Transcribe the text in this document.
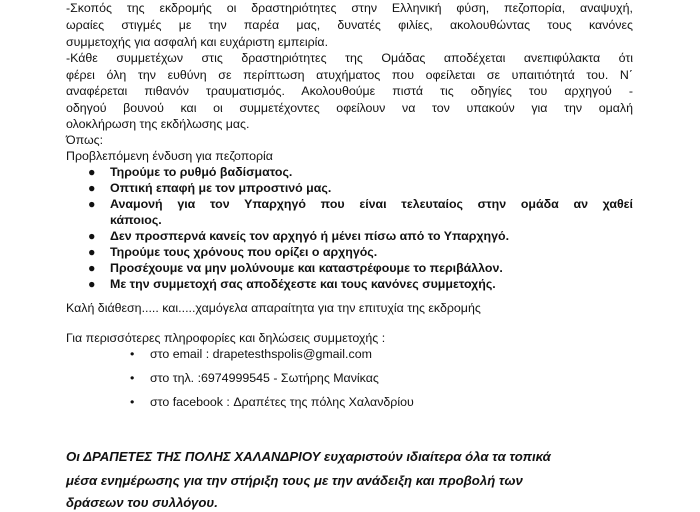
-Σκοπός της εκδρομής οι δραστηριότητες στην Ελληνική φύση, πεζοπορία, αναψυχή,
ωραίες στιγμές με την παρέα μας, δυνατές φιλίες, ακολουθώντας τους κανόνες
συμμετοχής για ασφαλή και ευχάριστη εμπειρία.
-Κάθε συμμετέχων στις δραστηριότητες της Ομάδας αποδέχεται ανεπιφύλακτα ότι
φέρει όλη την ευθύνη σε περίπτωση ατυχήματος που οφείλεται σε υπαιτιότητά του. Ν΄
αναφέρεται πιθανόν τραυματισμός. Ακολουθούμε πιστά τις οδηγίες του αρχηγού -
οδηγού βουνού και οι συμμετέχοντες οφείλουν να τον υπακούν για την ομαλή
ολοκλήρωση της εκδήλωσης μας.
Όπως:
Προβλεπόμενη ένδυση για πεζοπορία
● Τηρούμε το ρυθμό βαδίσματος.
● Οπτική επαφή με τον μπροστινό μας.
● Αναμονή για τον Υπαρχηγό που είναι τελευταίος στην ομάδα αν χαθεί
κάποιος.
● Δεν προσπερνά κανείς τον αρχηγό ή μένει πίσω από το Υπαρχηγό.
● Τηρούμε τους χρόνους που ορίζει ο αρχηγός.
● Προσέχουμε να μην μολύνουμε και καταστρέφουμε το περιβάλλον.
● Με την συμμετοχή σας αποδέχεστε και τους κανόνες συμμετοχής.
Καλή διάθεση..... και.....χαμόγελα απαραίτητα για την επιτυχία της εκδρομής
Για περισσότερες πληροφορίες και δηλώσεις συμμετοχής :
• στο email : drapetesthspolis@gmail.com
• στο τηλ. :6974999545 - Σωτήρης Μανίκας
• στο facebook : Δραπέτες της πόλης Χαλανδρίου
Οι ΔΡΑΠΕΤΕΣ ΤΗΣ ΠΟΛΗΣ ΧΑΛΑΝΔΡΙΟΥ ευχαριστούν ιδιαίτερα όλα τα τοπικά
μέσα ενημέρωσης για την στήριξη τους με την ανάδειξη και προβολή των
δράσεων του συλλόγου.
